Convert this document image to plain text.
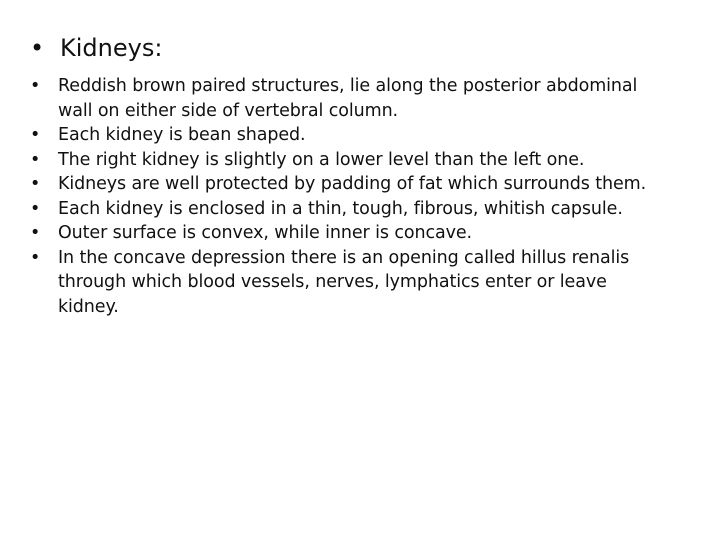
• Kidneys:
•	Reddish brown paired structures, lie along the posterior abdominal wall on either side of vertebral column.
•	Each kidney is bean shaped.
•	The right kidney is slightly on a lower level than the left one.
•	Kidneys are well protected by padding of fat which surrounds them.
•	Each kidney is enclosed in a thin, tough, fibrous, whitish capsule.
•	Outer surface is convex, while inner is concave.
•	In the concave depression there is an opening called hillus renalis through which blood vessels, nerves, lymphatics enter or leave kidney.
